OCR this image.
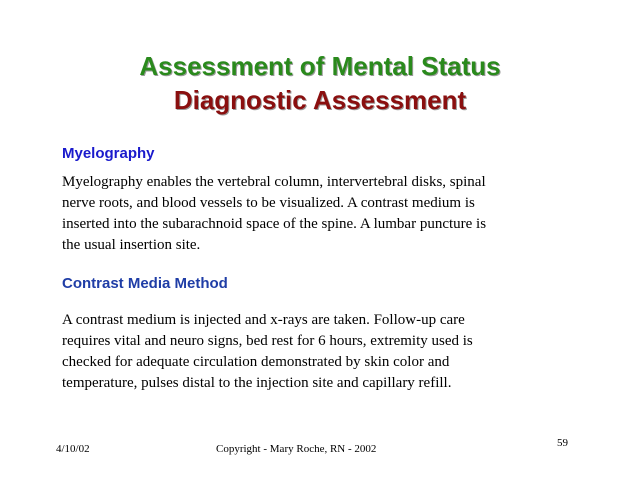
Assessment of Mental Status
Diagnostic Assessment
Myelography
Myelography enables the vertebral column, intervertebral disks, spinal
nerve roots, and blood vessels to be visualized. A contrast medium is
inserted into the subarachnoid space of the spine. A lumbar puncture is
the usual insertion site.
Contrast Media Method
A contrast medium is injected and x-rays are taken. Follow-up care
requires vital and neuro signs, bed rest for 6 hours, extremity used is
checked for adequate circulation demonstrated by skin color and
temperature, pulses distal to the injection site and capillary refill.
4/10/02	Copyright - Mary Roche, RN - 2002	59
